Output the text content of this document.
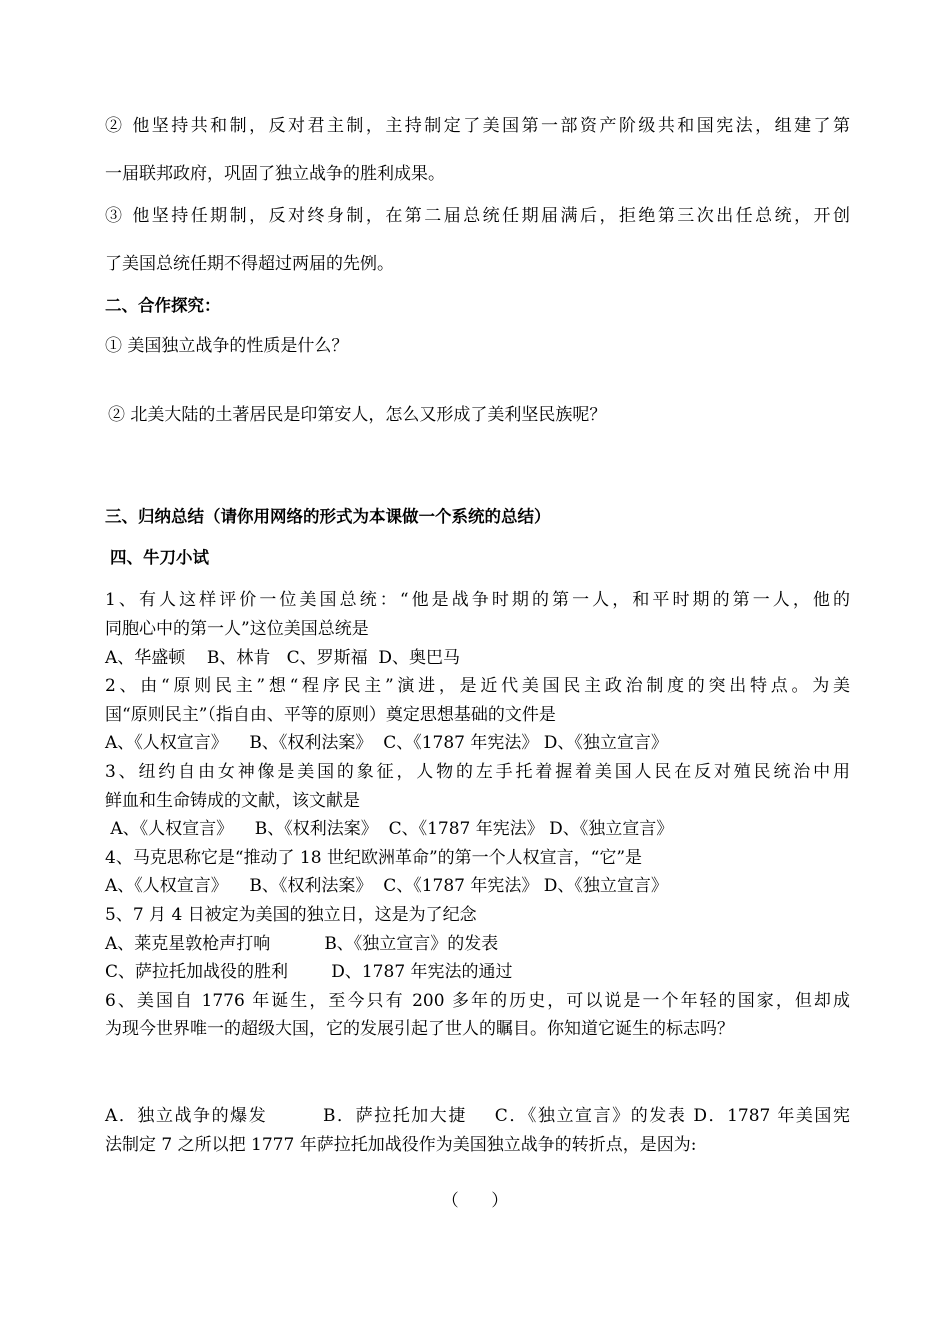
② 他坚持共和制，反对君主制，主持制定了美国第一部资产阶级共和国宪法，组建了第
一届联邦政府，巩固了独立战争的胜利成果。
③ 他坚持任期制，反对终身制，在第二届总统任期届满后，拒绝第三次出任总统，开创
了美国总统任期不得超过两届的先例。
二、合作探究：
① 美国独立战争的性质是什么？
② 北美大陆的土著居民是印第安人，怎么又形成了美利坚民族呢？
三、归纳总结（请你用网络的形式为本课做一个系统的总结）
四、牛刀小试
1、有人这样评价一位美国总统：“他是战争时期的第一人，和平时期的第一人，他的
同胞心中的第一人”这位美国总统是
A、华盛顿    B、林肯   C、罗斯福  D、奥巴马
2、由“原则民主”想“程序民主”演进，是近代美国民主政治制度的突出特点。为美
国“原则民主”（指自由、平等的原则）奠定思想基础的文件是
A、《人权宣言》    B、《权利法案》  C、《1787 年宪法》 D、《独立宣言》
3、纽约自由女神像是美国的象征，人物的左手托着握着美国人民在反对殖民统治中用
鲜血和生命铸成的文献，该文献是
A、《人权宣言》    B、《权利法案》  C、《1787 年宪法》 D、《独立宣言》
4、马克思称它是“推动了 18 世纪欧洲革命”的第一个人权宣言，“它”是
A、《人权宣言》    B、《权利法案》  C、《1787 年宪法》 D、《独立宣言》
5、7 月 4 日被定为美国的独立日，这是为了纪念
A、莱克星敦枪声打响          B、《独立宣言》的发表
C、萨拉托加战役的胜利        D、1787 年宪法的通过
6、美国自 1776 年诞生，至今只有 200 多年的历史，可以说是一个年轻的国家，但却成
为现今世界唯一的超级大国，它的发展引起了世人的瞩目。你知道它诞生的标志吗？
A．独立战争的爆发        B．萨拉托加大捷    C．《独立宣言》的发表 D．1787 年美国宪
法制定 7 之所以把 1777 年萨拉托加战役作为美国独立战争的转折点，是因为:
（      ）
